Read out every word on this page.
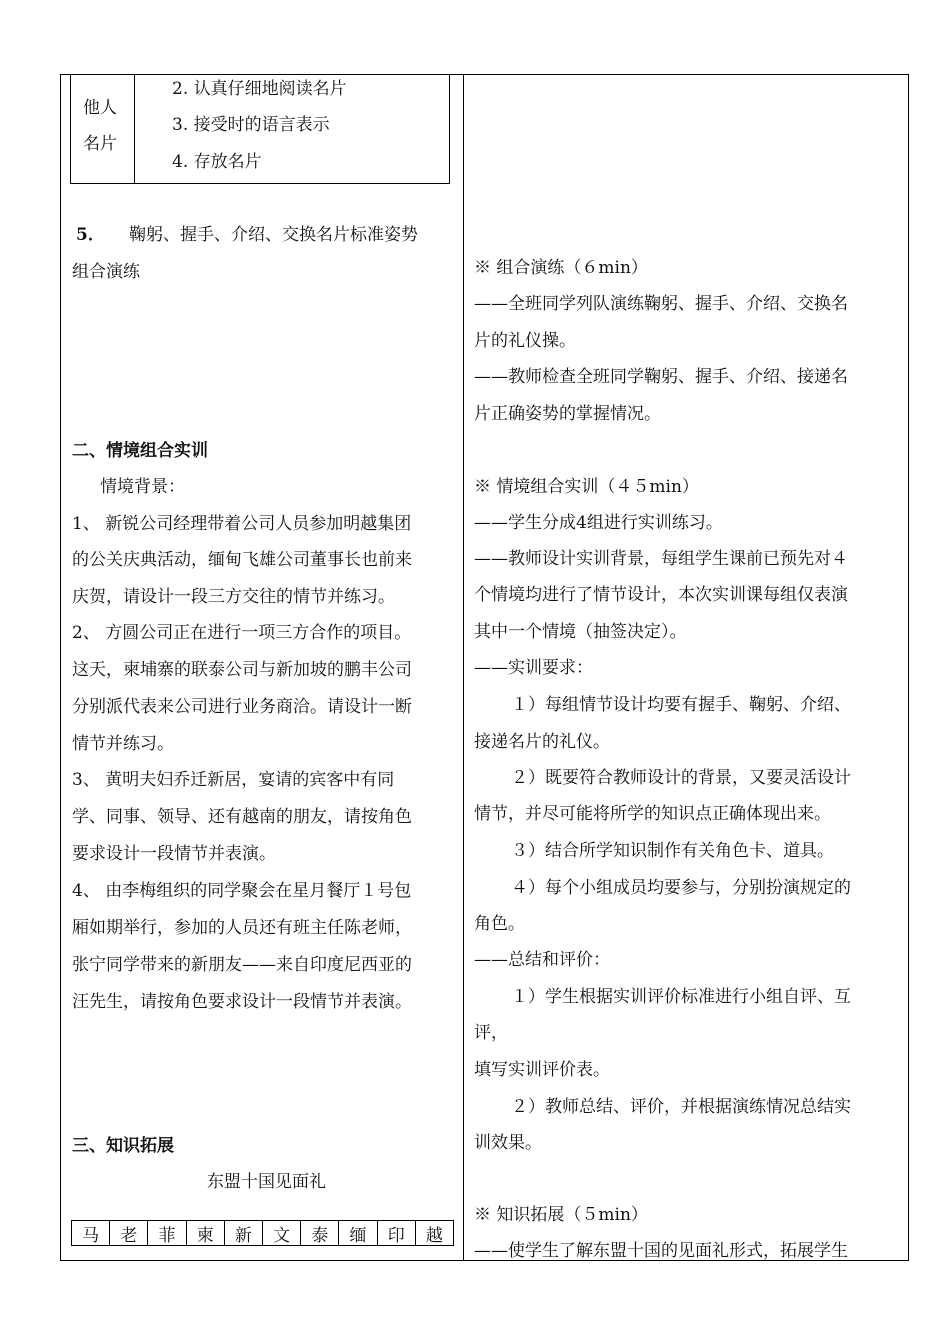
他人
名片
2. 认真仔细地阅读名片
3. 接受时的语言表示
4. 存放名片
5． 鞠躬、握手、介绍、交换名片标准姿势
组合演练
二、情境组合实训
情境背景：
1、 新锐公司经理带着公司人员参加明越集团
的公关庆典活动，缅甸飞雄公司董事长也前来
庆贺，请设计一段三方交往的情节并练习。
2、 方圆公司正在进行一项三方合作的项目。
这天，柬埔寨的联泰公司与新加坡的鹏丰公司
分别派代表来公司进行业务商洽。请设计一断
情节并练习。
3、 黄明夫妇乔迁新居，宴请的宾客中有同
学、同事、领导、还有越南的朋友，请按角色
要求设计一段情节并表演。
4、 由李梅组织的同学聚会在星月餐厅１号包
厢如期举行，参加的人员还有班主任陈老师，
张宁同学带来的新朋友——来自印度尼西亚的
汪先生，请按角色要求设计一段情节并表演。
三、知识拓展
东盟十国见面礼
马	老	菲	柬	新	文	泰	缅	印	越
※ 组合演练（６min）
——全班同学列队演练鞠躬、握手、介绍、交换名
片的礼仪操。
——教师检查全班同学鞠躬、握手、介绍、接递名
片正确姿势的掌握情况。
※ 情境组合实训（４５min）
——学生分成4组进行实训练习。
——教师设计实训背景，每组学生课前已预先对４
个情境均进行了情节设计，本次实训课每组仅表演
其中一个情境（抽签决定）。
——实训要求：
１）每组情节设计均要有握手、鞠躬、介绍、
接递名片的礼仪。
２）既要符合教师设计的背景，又要灵活设计
情节，并尽可能将所学的知识点正确体现出来。
３）结合所学知识制作有关角色卡、道具。
４）每个小组成员均要参与，分别扮演规定的
角色。
——总结和评价：
１）学生根据实训评价标准进行小组自评、互
评，
填写实训评价表。
２）教师总结、评价，并根据演练情况总结实
训效果。
※ 知识拓展（５min）
——使学生了解东盟十国的见面礼形式，拓展学生
